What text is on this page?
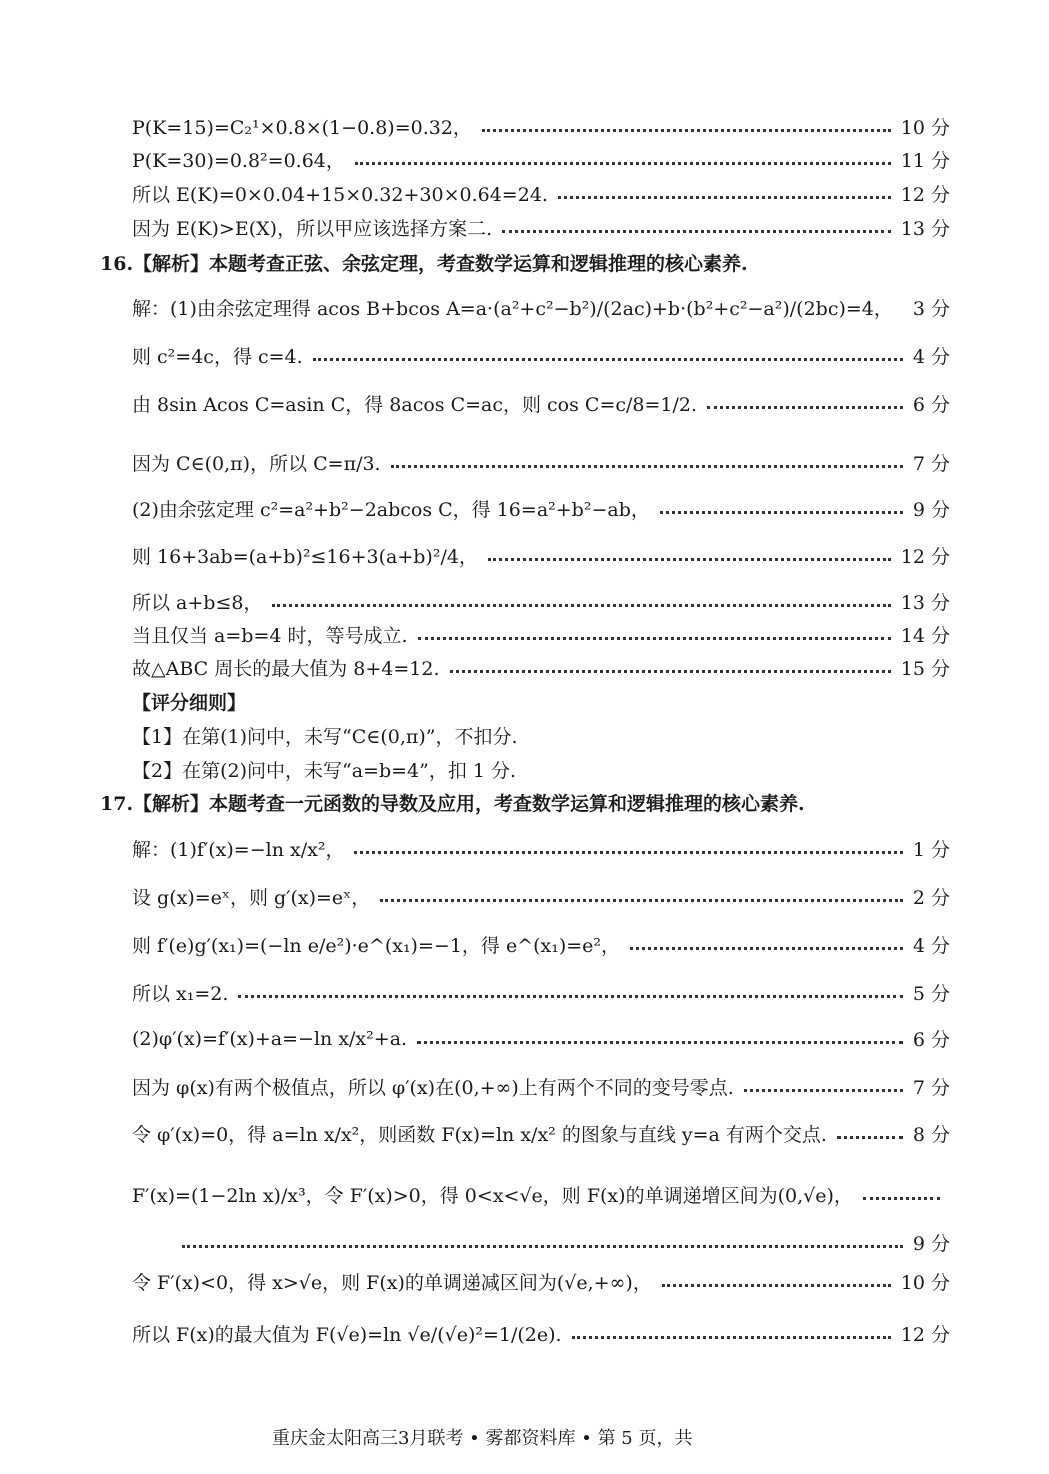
P(K=15)=C₂¹×0.8×(1−0.8)=0.32，	10 分
P(K=30)=0.8²=0.64，	11 分
所以 E(K)=0×0.04+15×0.32+30×0.64=24.	12 分
因为 E(K)>E(X)，所以甲应该选择方案二.	13 分
16.【解析】本题考查正弦、余弦定理，考查数学运算和逻辑推理的核心素养.
解：(1)由余弦定理得 acos B+bcos A=a·(a²+c²−b²)/(2ac)+b·(b²+c²−a²)/(2bc)=4， 3 分
则 c²=4c，得 c=4.	4 分
由 8sin Acos C=asin C，得 8acos C=ac，则 cos C=c/8=1/2.	6 分
因为 C∈(0,π)，所以 C=π/3.	7 分
(2)由余弦定理 c²=a²+b²−2abcos C，得 16=a²+b²−ab，	9 分
则 16+3ab=(a+b)²≤16+3(a+b)²/4，	12 分
所以 a+b≤8，	13 分
当且仅当 a=b=4 时，等号成立.	14 分
故△ABC 周长的最大值为 8+4=12.	15 分
【评分细则】
【1】在第(1)问中，未写“C∈(0,π)”，不扣分.
【2】在第(2)问中，未写“a=b=4”，扣 1 分.
17.【解析】本题考查一元函数的导数及应用，考查数学运算和逻辑推理的核心素养.
解：(1)f′(x)=−ln x/x²，	1 分
设 g(x)=eˣ，则 g′(x)=eˣ，	2 分
则 f′(e)g′(x₁)=(−ln e/e²)·e^(x₁)=−1，得 e^(x₁)=e²，	4 分
所以 x₁=2.	5 分
(2)φ′(x)=f′(x)+a=−ln x/x²+a.	6 分
因为 φ(x)有两个极值点，所以 φ′(x)在(0,+∞)上有两个不同的变号零点.	7 分
令 φ′(x)=0，得 a=ln x/x²，则函数 F(x)=ln x/x² 的图象与直线 y=a 有两个交点.	8 分
F′(x)=(1−2ln x)/x³，令 F′(x)>0，得 0<x<√e，则 F(x)的单调递增区间为(0,√e)，
9 分
令 F′(x)<0，得 x>√e，则 F(x)的单调递减区间为(√e,+∞)，	10 分
所以 F(x)的最大值为 F(√e)=ln √e/(√e)²=1/(2e).	12 分
重庆金太阳高三3月联考 • 雾都资料库 • 第 5 页，共
